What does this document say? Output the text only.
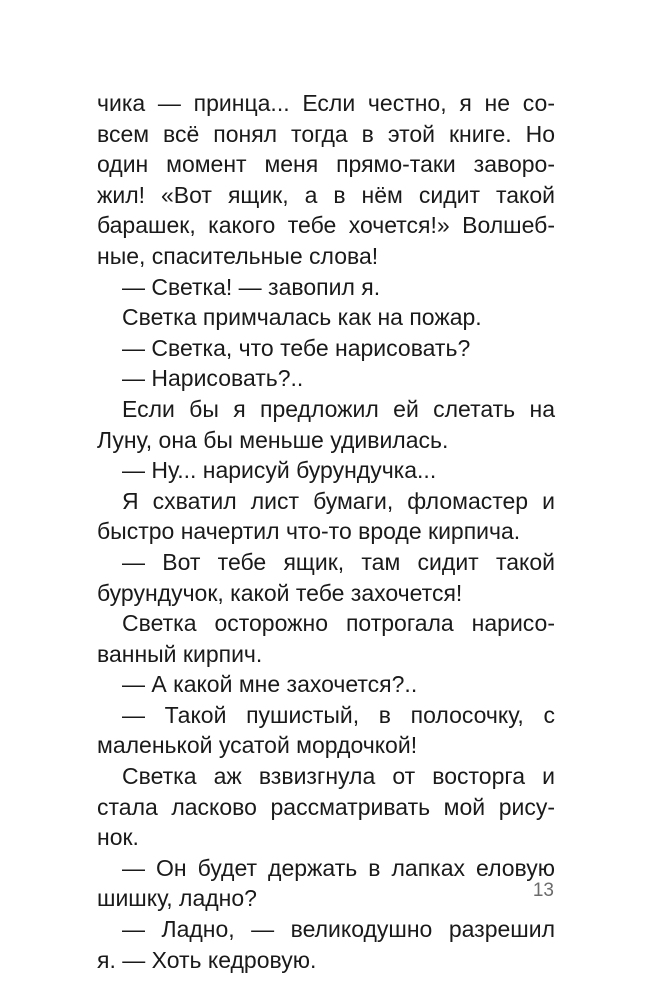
чика — принца... Если честно, я не со-
всем всё понял тогда в этой книге. Но
один момент меня прямо-таки заворо-
жил! «Вот ящик, а в нём сидит такой
барашек, какого тебе хочется!» Волшеб-
ные, спасительные слова!
— Светка! — завопил я.
Светка примчалась как на пожар.
— Светка, что тебе нарисовать?
— Нарисовать?..
Если бы я предложил ей слетать на
Луну, она бы меньше удивилась.
— Ну... нарисуй бурундучка...
Я схватил лист бумаги, фломастер и
быстро начертил что-то вроде кирпича.
— Вот тебе ящик, там сидит такой
бурундучок, какой тебе захочется!
Светка осторожно потрогала нарисо-
ванный кирпич.
— А какой мне захочется?..
— Такой пушистый, в полосочку, с
маленькой усатой мордочкой!
Светка аж взвизгнула от восторга и
стала ласково рассматривать мой рису-
нок.
— Он будет держать в лапках еловую
шишку, ладно?
— Ладно, — великодушно разрешил
я. — Хоть кедровую.
13
